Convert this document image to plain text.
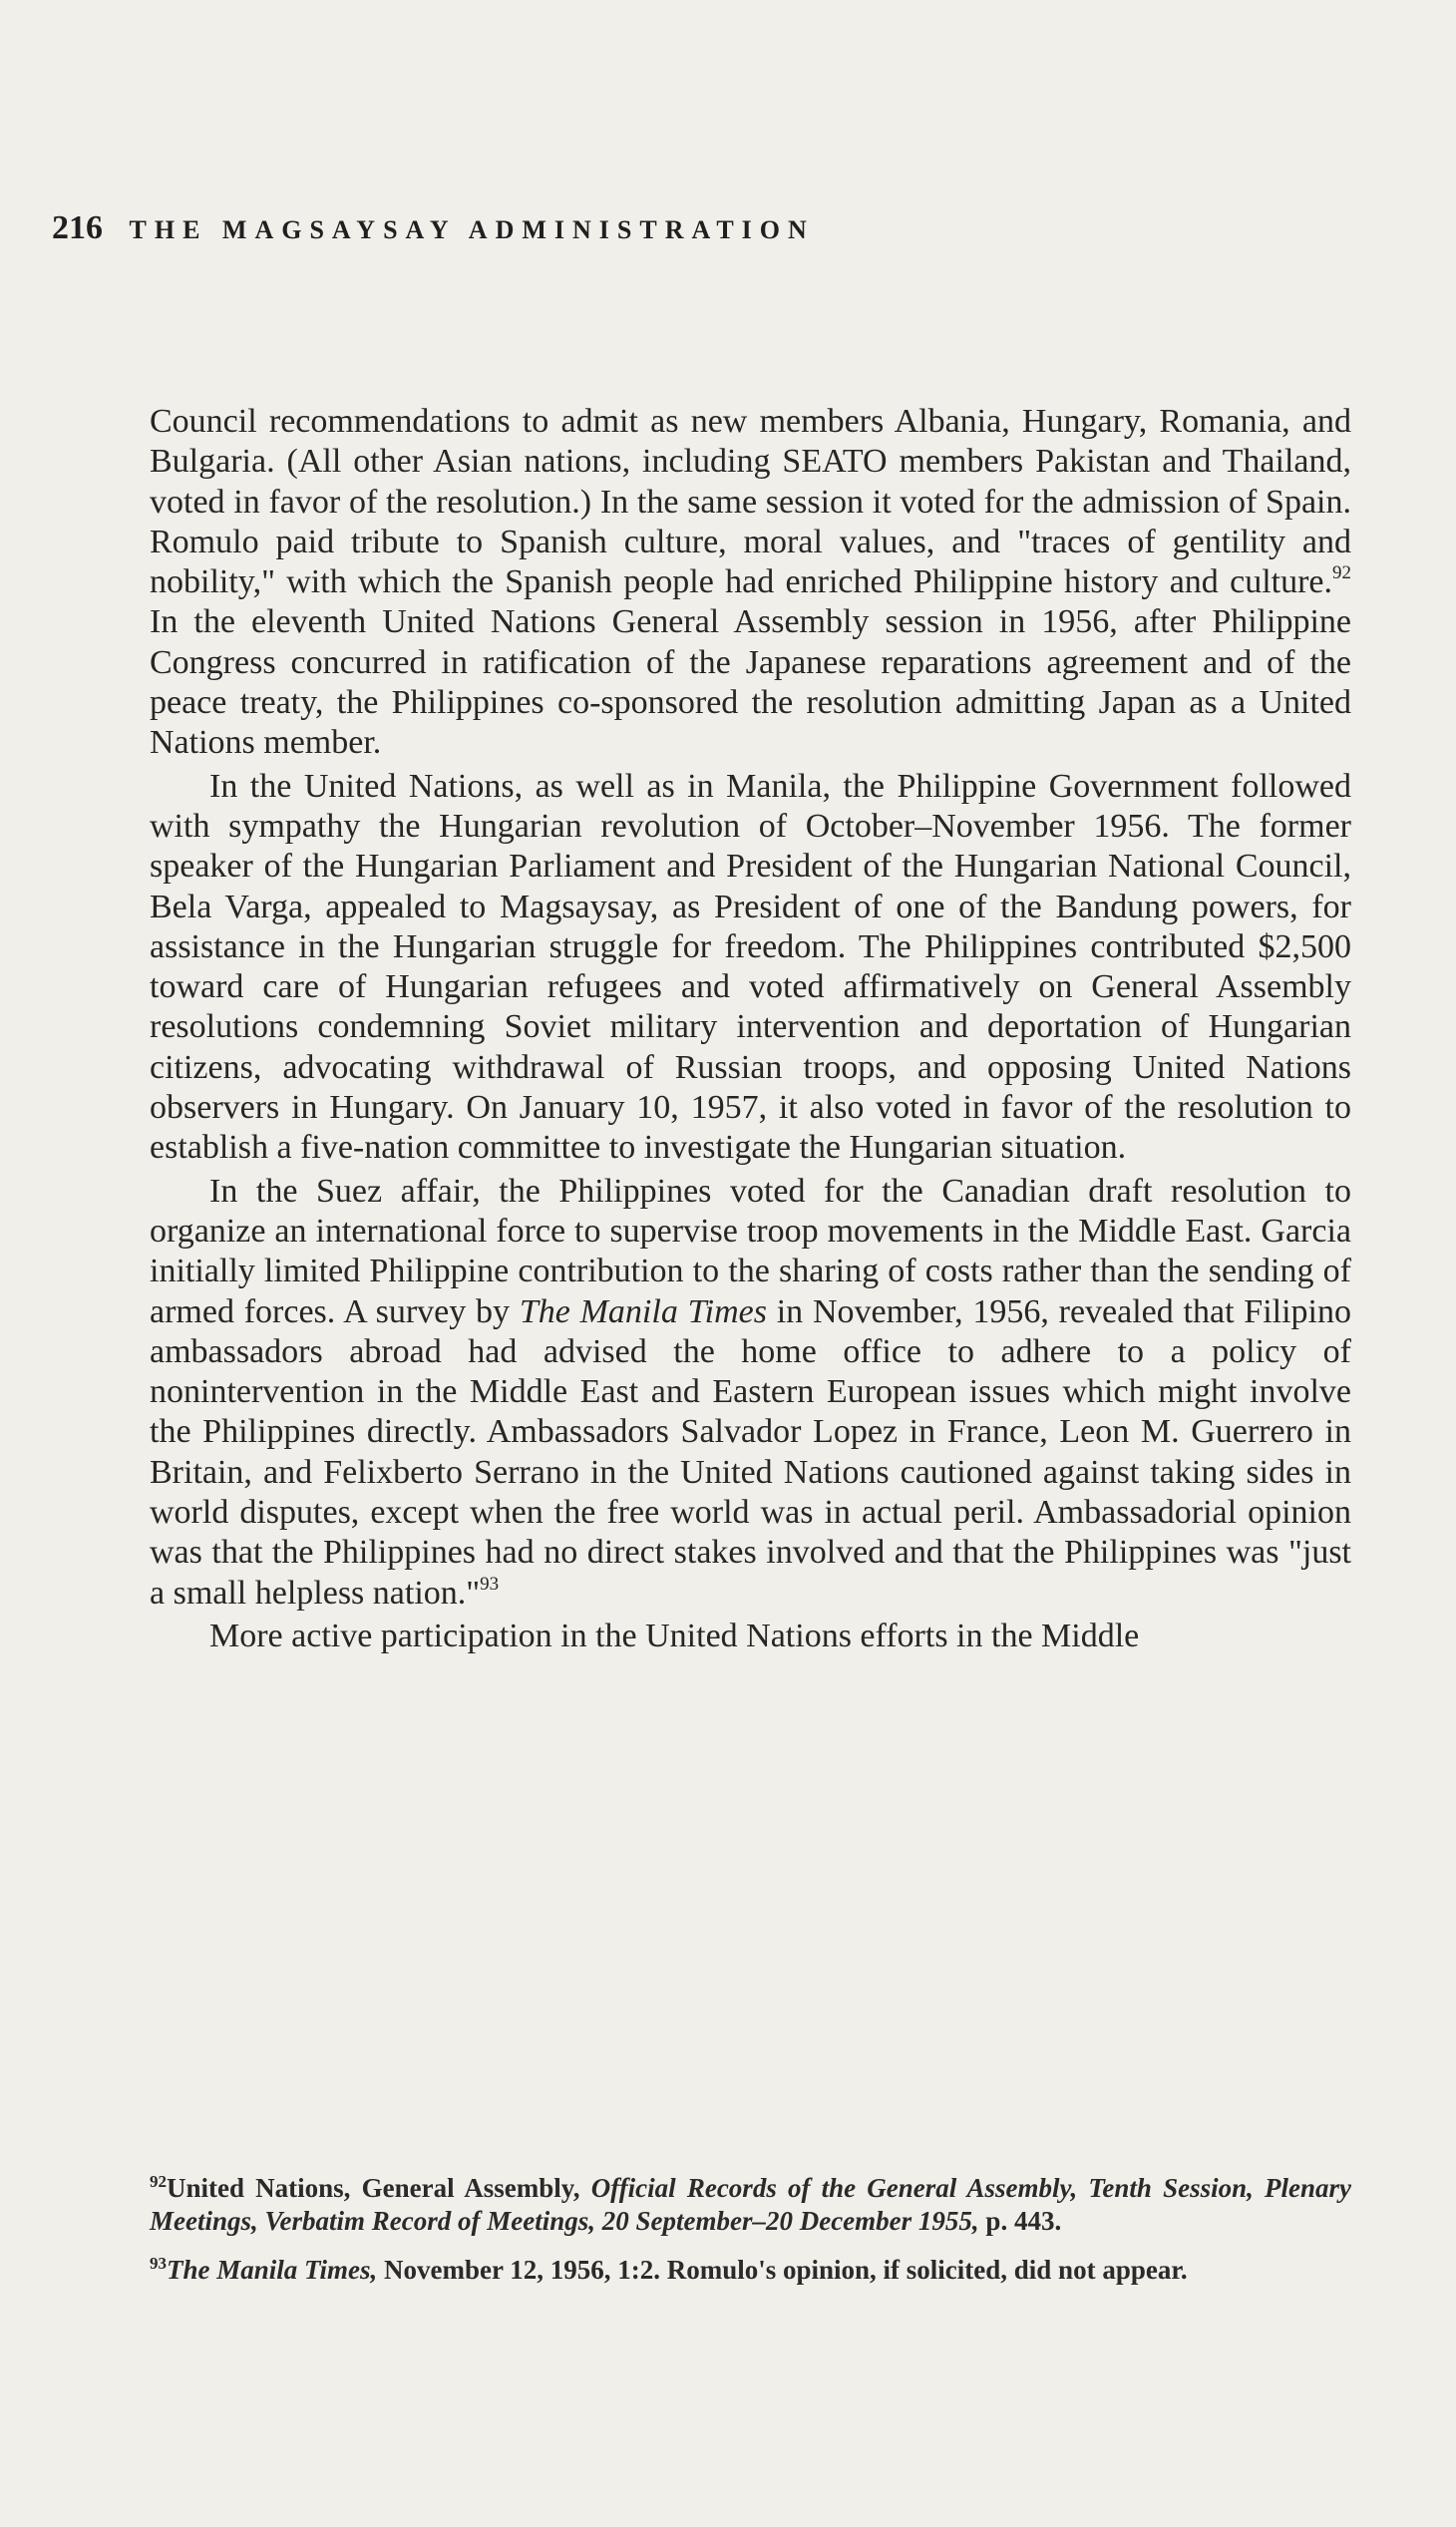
216 THE MAGSAYSAY ADMINISTRATION

Council recommendations to admit as new members Albania, Hungary, Romania, and Bulgaria. (All other Asian nations, including SEATO members Pakistan and Thailand, voted in favor of the resolution.) In the same session it voted for the admission of Spain. Romulo paid tribute to Spanish culture, moral values, and "traces of gentility and nobility," with which the Spanish people had enriched Philippine history and culture.$^{92}$ In the eleventh United Nations General Assembly session in 1956, after Philippine Congress concurred in ratification of the Japanese reparations agreement and of the peace treaty, the Philippines co-sponsored the resolution admitting Japan as a United Nations member.

In the United Nations, as well as in Manila, the Philippine Government followed with sympathy the Hungarian revolution of October–November 1956. The former speaker of the Hungarian Parliament and President of the Hungarian National Council, Bela Varga, appealed to Magsaysay, as President of one of the Bandung powers, for assistance in the Hungarian struggle for freedom. The Philippines contributed $2,500 toward care of Hungarian refugees and voted affirmatively on General Assembly resolutions condemning Soviet military intervention and deportation of Hungarian citizens, advocating withdrawal of Russian troops, and opposing United Nations observers in Hungary. On January 10, 1957, it also voted in favor of the resolution to establish a five-nation committee to investigate the Hungarian situation.

In the Suez affair, the Philippines voted for the Canadian draft resolution to organize an international force to supervise troop movements in the Middle East. Garcia initially limited Philippine contribution to the sharing of costs rather than the sending of armed forces. A survey by The Manila Times in November, 1956, revealed that Filipino ambassadors abroad had advised the home office to adhere to a policy of nonintervention in the Middle East and Eastern European issues which might involve the Philippines directly. Ambassadors Salvador Lopez in France, Leon M. Guerrero in Britain, and Felixberto Serrano in the United Nations cautioned against taking sides in world disputes, except when the free world was in actual peril. Ambassadorial opinion was that the Philippines had no direct stakes involved and that the Philippines was "just a small helpless nation."$^{93}$

More active participation in the United Nations efforts in the Middle

$^{92}$United Nations, General Assembly, Official Records of the General Assembly, Tenth Session, Plenary Meetings, Verbatim Record of Meetings, 20 September–20 December 1955, p. 443.

$^{93}$The Manila Times, November 12, 1956, 1:2. Romulo's opinion, if solicited, did not appear.
